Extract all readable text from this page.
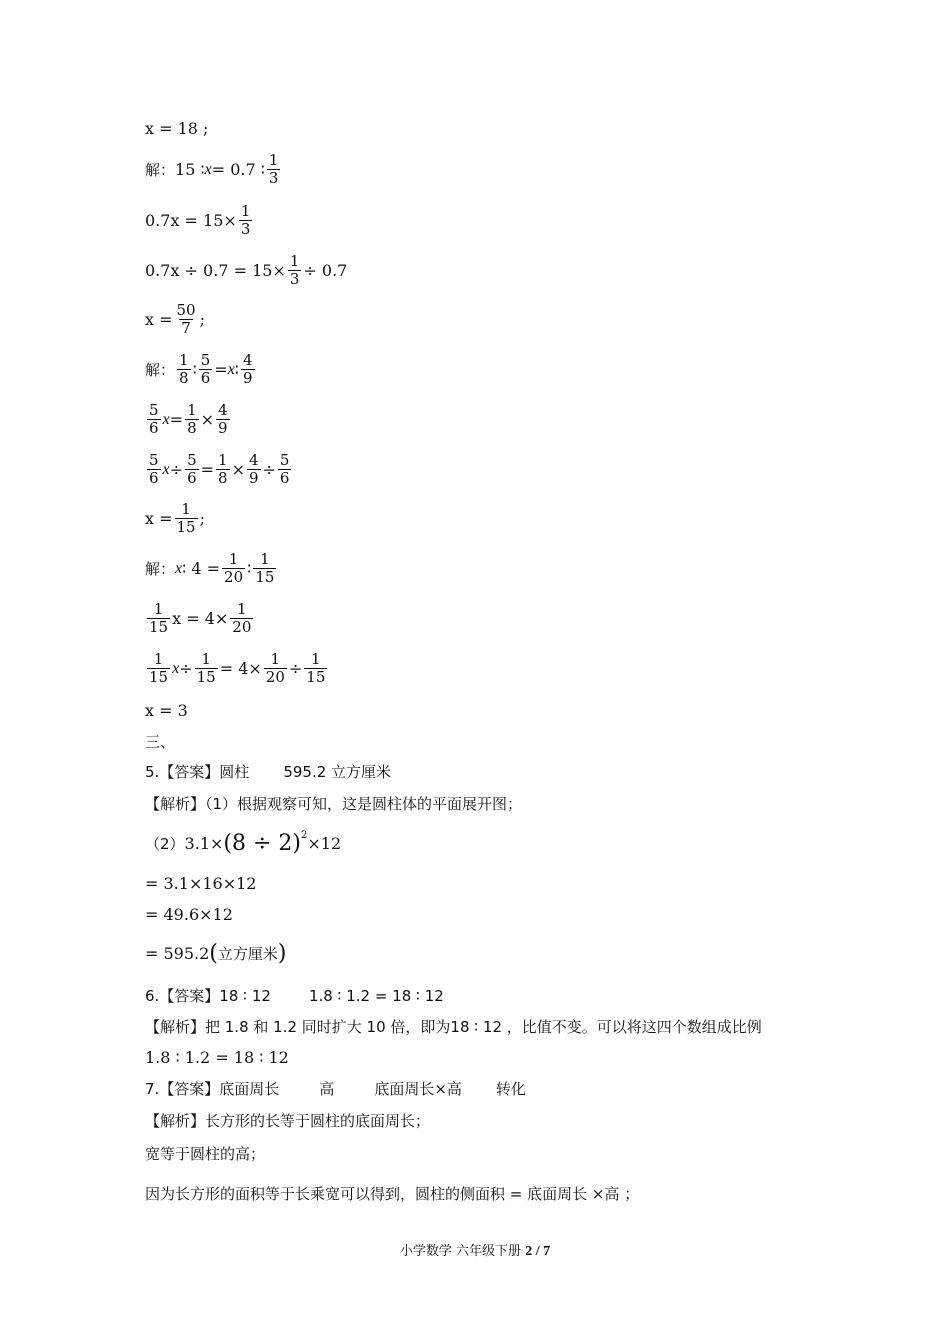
x = 18 ;
解： 15 ∶ x = 0.7 ∶ $\frac{1}{3}$
$0.7x = 15\times \frac{1}{3}$
$0.7x \div 0.7 = 15\times \frac{1}{3} \div 0.7$
$x = \frac{50}{7}$ ;
解： $\frac{1}{8}$ ∶ $\frac{5}{6} = x$ ∶ $\frac{4}{9}$
$\frac{5}{6}$ $x = \frac{1}{8} \times \frac{4}{9}$
$\frac{5}{6}$ $x \div \frac{5}{6} = \frac{1}{8} \times \frac{4}{9} \div \frac{5}{6}$
$x = \frac{1}{15}$ ;
解： x ∶ $4 = \frac{1}{20}$ ∶ $\frac{1}{15}$
$\frac{1}{15}$ $x = 4\times \frac{1}{20}$
$\frac{1}{15}$ $x \div \frac{1}{15} = 4\times \frac{1}{20} \div \frac{1}{15}$
x = 3
三、
5.【答案】圆柱 595.2 立方厘米
【解析】（1）根据观察可知，这是圆柱体的平面展开图；
（2） $3.1\times (8 \div 2)^2 \times 12$
= 3.1×16×12
= 49.6×12
= 595.2 ( 立方厘米 )
6.【答案】18 ∶ 12	1.8 ∶ 1.2 = 18 ∶ 12
【解析】把 1.8 和 1.2 同时扩大 10 倍，即为18 ∶ 12 ，比值不变。可以将这四个数组成比例
1.8 ∶ 1.2 = 18 ∶ 12
7.【答案】底面周长	高	底面周长×高 转化
【解析】长方形的长等于圆柱的底面周长；
宽等于圆柱的高；
因为长方形的面积等于长乘宽可以得到，圆柱的侧面积 = 底面周长 ×高 ；
小学数学 六年级下册 2 / 7
